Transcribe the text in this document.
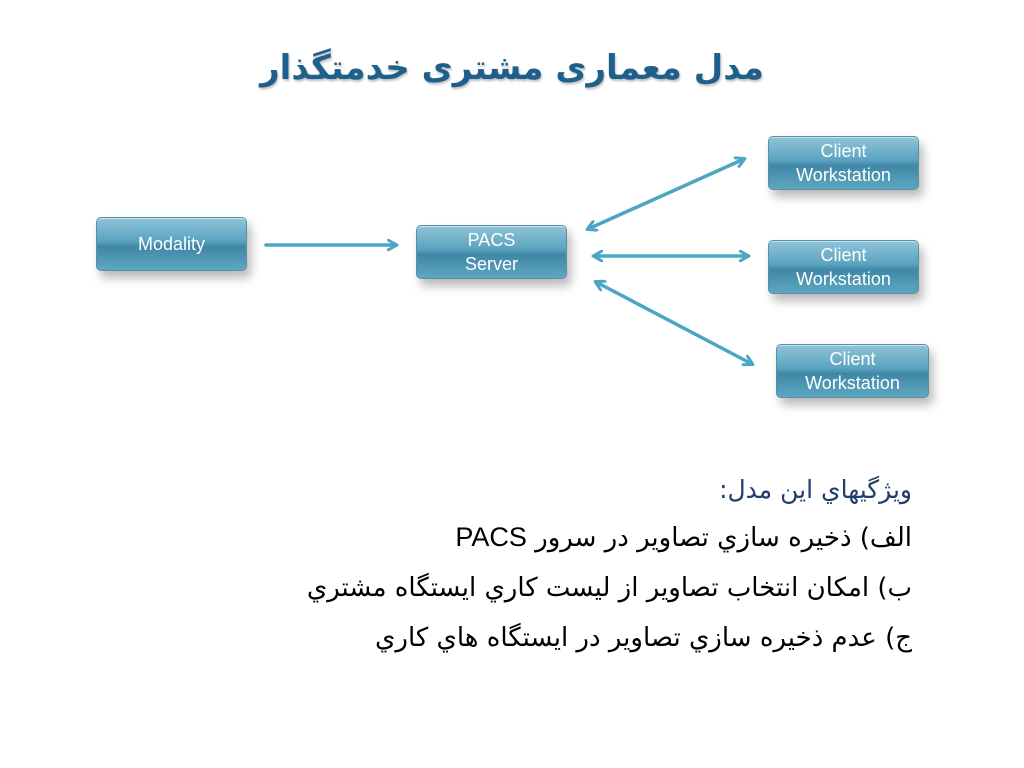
مدل معماری مشتری خدمتگذار
Modality	PACS
Server
Client
Workstation
Client
Workstation
Client
Workstation
ويژگيهاي اين مدل:
الف) ذخيره سازي تصاوير در سرور PACS
ب) امكان انتخاب تصاوير از ليست كاري ايستگاه مشتري
ج) عدم ذخيره سازي تصاوير در ايستگاه هاي كاري
